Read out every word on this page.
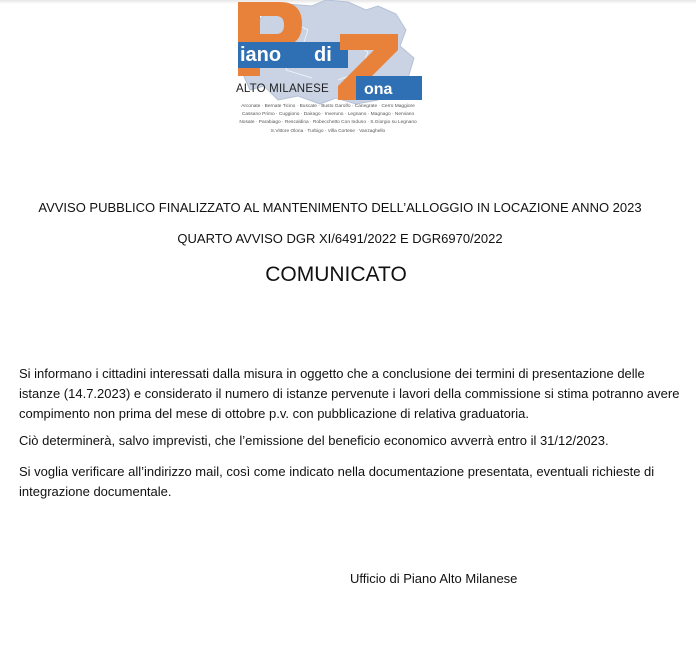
iano di
ona
ALTO MILANESE
Arconate · Bernate Ticino · Buscate · Busto Garolfo · Canegrate · Cerro Maggiore
Cassano Primo · Cuggiono · Dairago · Inveruno · Legnano · Magnago · Nerviano
Nosate · Parabiago · Rescaldina · Robecchetto Con Induno · S.Giorgio su Legnano
S.Vittore Olona · Turbigo · Villa Cortese · Vanzaghello
AVVISO PUBBLICO FINALIZZATO AL MANTENIMENTO DELL’ALLOGGIO IN LOCAZIONE ANNO 2023
QUARTO AVVISO DGR XI/6491/2022 E DGR6970/2022
COMUNICATO
Si informano i cittadini interessati dalla misura in oggetto che a conclusione dei termini di presentazione delle istanze (14.7.2023) e considerato il numero di istanze pervenute i lavori della commissione si stima potranno avere compimento non prima del mese di ottobre p.v. con pubblicazione di relativa graduatoria.
Ciò determinerà, salvo imprevisti, che l’emissione del beneficio economico avverrà entro il 31/12/2023.
Si voglia verificare all’indirizzo mail, così come indicato nella documentazione presentata, eventuali richieste di integrazione documentale.
Ufficio di Piano Alto Milanese
